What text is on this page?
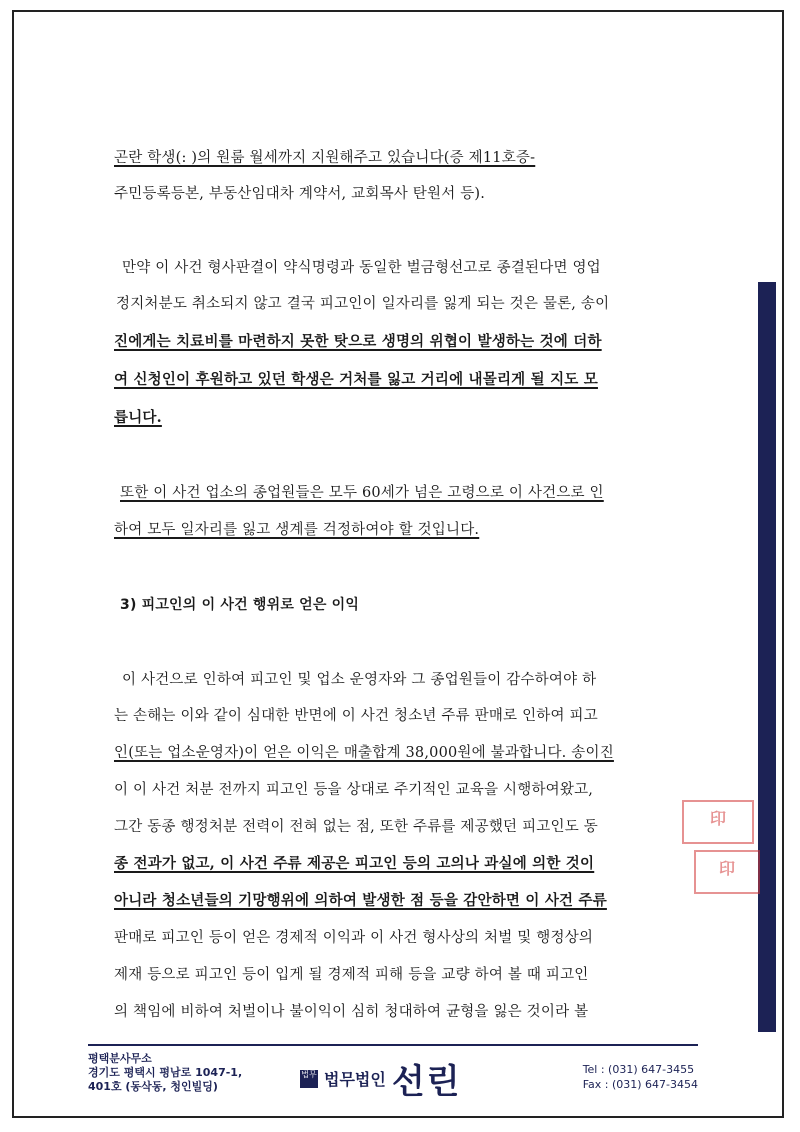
印
印
곤란 학생(: )의 원룸 월세까지 지원해주고 있습니다(증 제11호증-
주민등록등본, 부동산임대차 계약서, 교회목사 탄원서 등).
만약 이 사건 형사판결이 약식명령과 동일한 벌금형선고로 종결된다면 영업
정지처분도 취소되지 않고 결국 피고인이 일자리를 잃게 되는 것은 물론, 송이
진에게는 치료비를 마련하지 못한 탓으로 생명의 위협이 발생하는 것에 더하
여 신청인이 후원하고 있던 학생은 거처를 잃고 거리에 내몰리게 될 지도 모
릅니다.
또한 이 사건 업소의 종업원들은 모두 60세가 넘은 고령으로 이 사건으로 인
하여 모두 일자리를 잃고 생계를 걱정하여야 할 것입니다.
3) 피고인의 이 사건 행위로 얻은 이익
이 사건으로 인하여 피고인 및 업소 운영자와 그 종업원들이 감수하여야 하
는 손해는 이와 같이 심대한 반면에 이 사건 청소년 주류 판매로 인하여 피고
인(또는 업소운영자)이 얻은 이익은 매출합계 38,000원에 불과합니다. 송이진
이 이 사건 처분 전까지 피고인 등을 상대로 주기적인 교육을 시행하여왔고,
그간 동종 행정처분 전력이 전혀 없는 점, 또한 주류를 제공했던 피고인도 동
종 전과가 없고, 이 사건 주류 제공은 피고인 등의 고의나 과실에 의한 것이
아니라 청소년들의 기망행위에 의하여 발생한 점 등을 감안하면 이 사건 주류
판매로 피고인 등이 얻은 경제적 이익과 이 사건 형사상의 처벌 및 행정상의
제재 등으로 피고인 등이 입게 될 경제적 피해 등을 교량 하여 볼 때 피고인
의 책임에 비하여 처벌이나 불이익이 심히 청대하여 균형을 잃은 것이라 볼
평택분사무소
경기도 평택시 평남로 1047-1,
401호 (동삭동, 청인빌딩)
법무 법무법인 선린	Tel : (031) 647-3455
Fax : (031) 647-3454
